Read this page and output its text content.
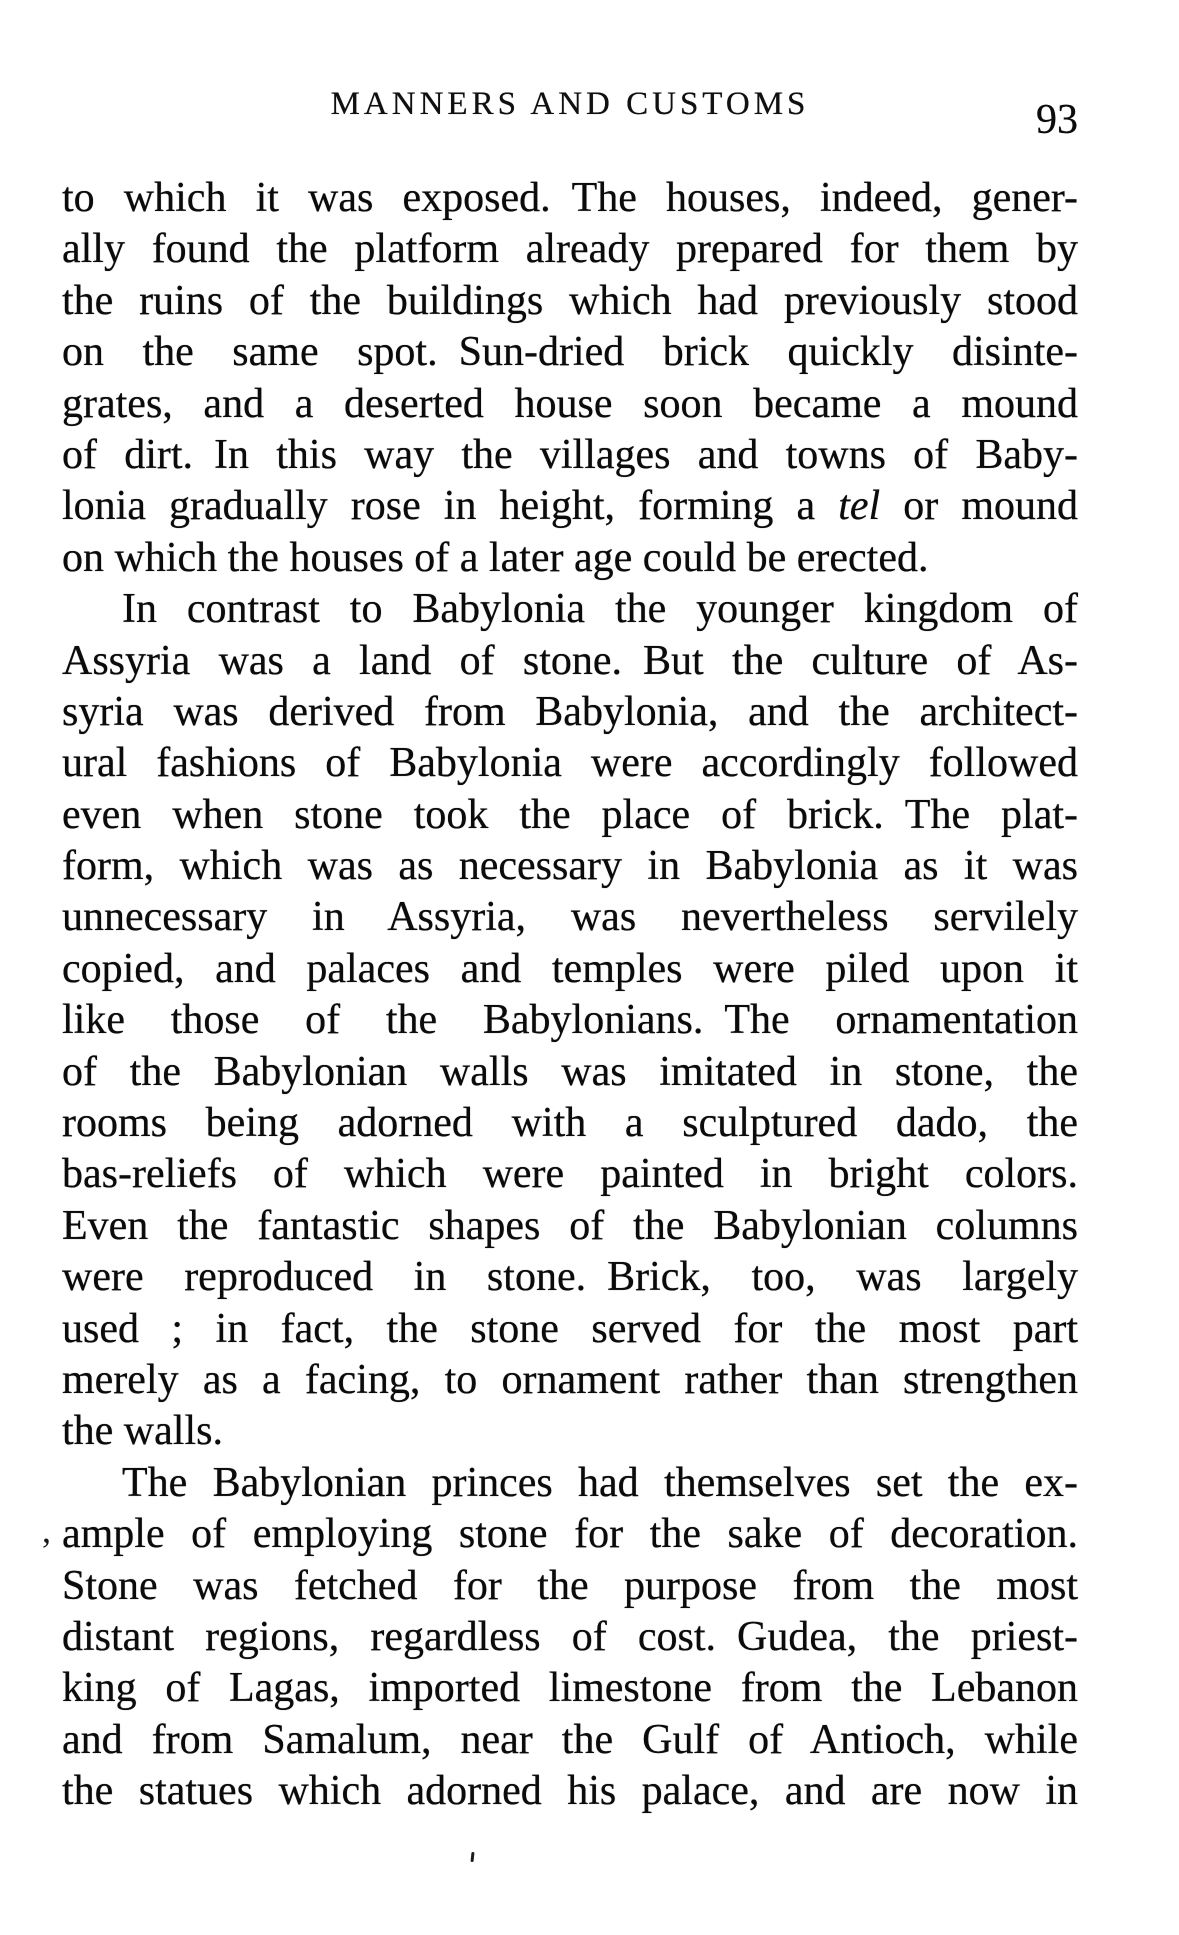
MANNERS AND CUSTOMS	93
to which it was exposed. The houses, indeed, gener-
ally found the platform already prepared for them by
the ruins of the buildings which had previously stood
on the same spot. Sun-dried brick quickly disinte-
grates, and a deserted house soon became a mound
of dirt. In this way the villages and towns of Baby-
lonia gradually rose in height, forming a tel or mound
on which the houses of a later age could be erected.
In contrast to Babylonia the younger kingdom of
Assyria was a land of stone. But the culture of As-
syria was derived from Babylonia, and the architect-
ural fashions of Babylonia were accordingly followed
even when stone took the place of brick. The plat-
form, which was as necessary in Babylonia as it was
unnecessary in Assyria, was nevertheless servilely
copied, and palaces and temples were piled upon it
like those of the Babylonians. The ornamentation
of the Babylonian walls was imitated in stone, the
rooms being adorned with a sculptured dado, the
bas-reliefs of which were painted in bright colors.
Even the fantastic shapes of the Babylonian columns
were reproduced in stone. Brick, too, was largely
used ; in fact, the stone served for the most part
merely as a facing, to ornament rather than strengthen
the walls.
The Babylonian princes had themselves set the ex-
ample of employing stone for the sake of decoration.
Stone was fetched for the purpose from the most
distant regions, regardless of cost. Gudea, the priest-
king of Lagas, imported limestone from the Lebanon
and from Samalum, near the Gulf of Antioch, while
the statues which adorned his palace, and are now in
,
